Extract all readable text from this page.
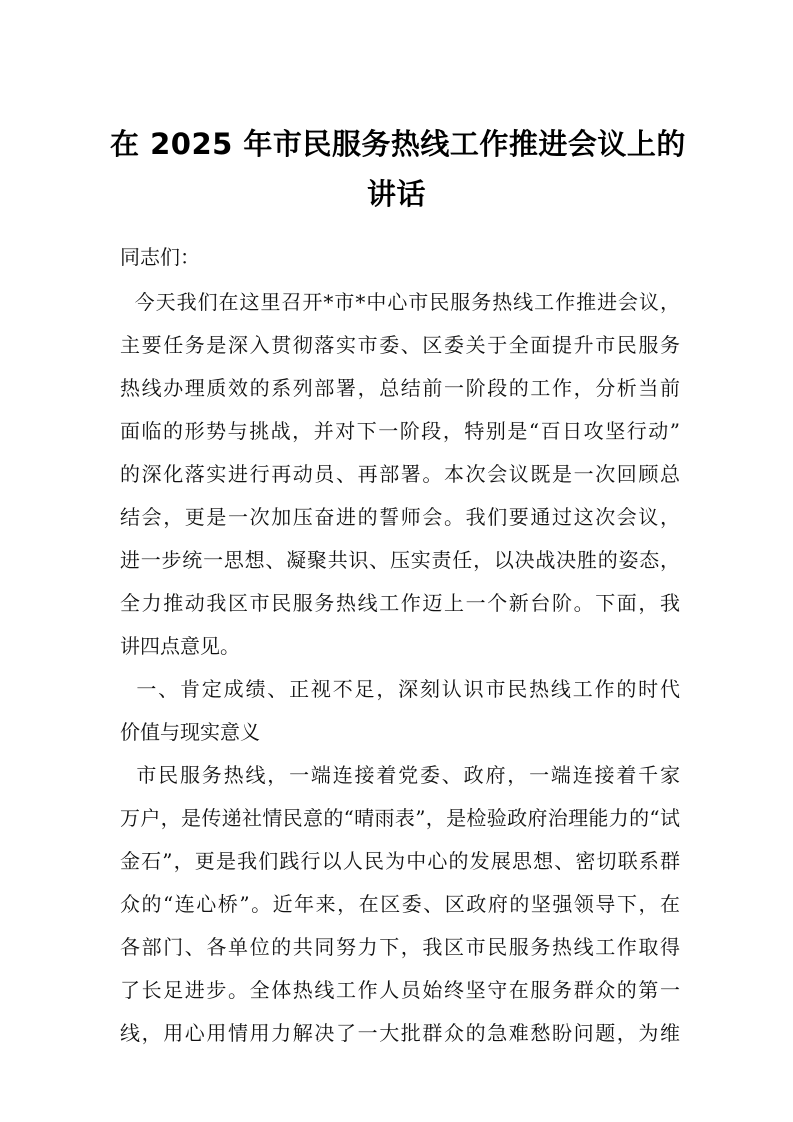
在 2025 年市民服务热线工作推进会议上的
讲话
同志们：
今天我们在这里召开*市*中心市民服务热线工作推进会议，
主要任务是深入贯彻落实市委、区委关于全面提升市民服务
热线办理质效的系列部署，总结前一阶段的工作，分析当前
面临的形势与挑战，并对下一阶段，特别是“百日攻坚行动”
的深化落实进行再动员、再部署。本次会议既是一次回顾总
结会，更是一次加压奋进的誓师会。我们要通过这次会议，
进一步统一思想、凝聚共识、压实责任，以决战决胜的姿态，
全力推动我区市民服务热线工作迈上一个新台阶。下面，我
讲四点意见。
一、肯定成绩、正视不足，深刻认识市民热线工作的时代
价值与现实意义
市民服务热线，一端连接着党委、政府，一端连接着千家
万户，是传递社情民意的“晴雨表”，是检验政府治理能力的“试
金石”，更是我们践行以人民为中心的发展思想、密切联系群
众的“连心桥”。近年来，在区委、区政府的坚强领导下，在
各部门、各单位的共同努力下，我区市民服务热线工作取得
了长足进步。全体热线工作人员始终坚守在服务群众的第一
线，用心用情用力解决了一大批群众的急难愁盼问题，为维
